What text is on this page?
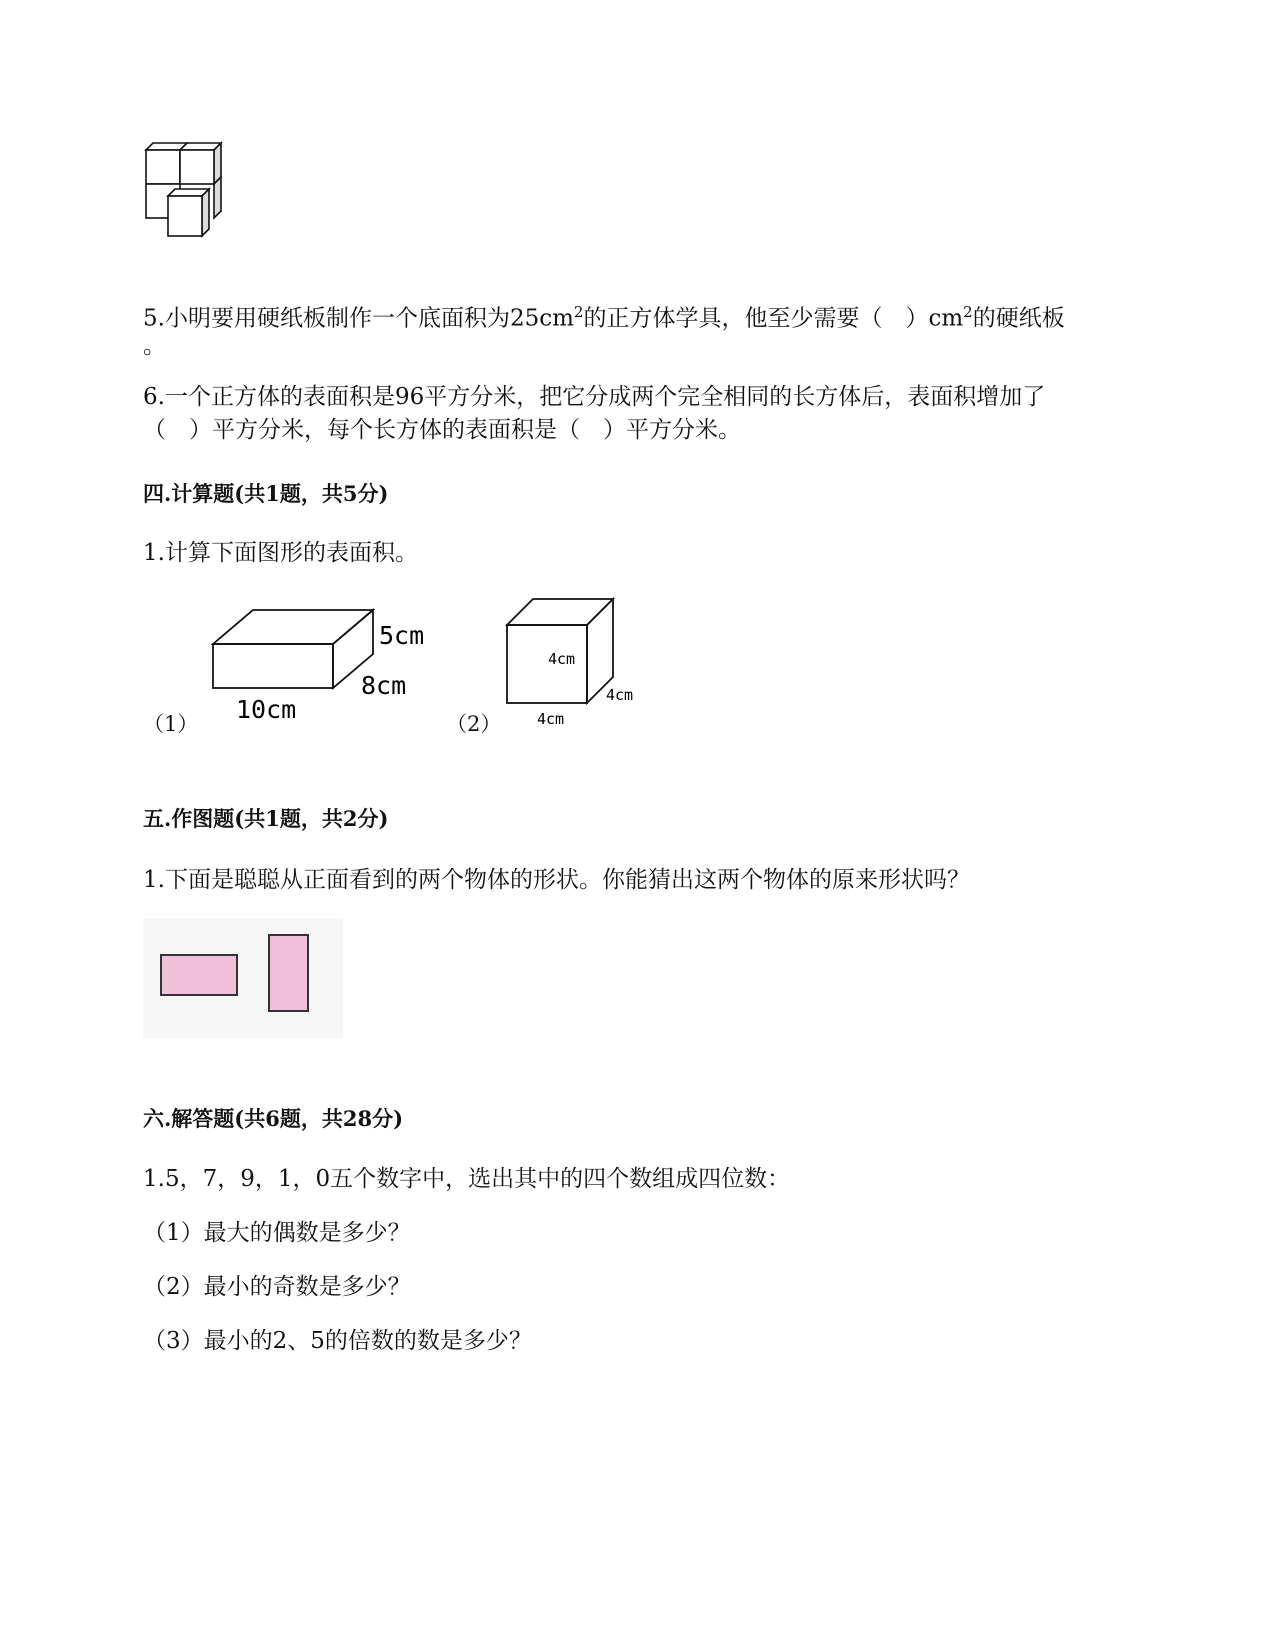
5.小明要用硬纸板制作一个底面积为$25cm^2$的正方体学具，他至少需要（　）$cm^2$的硬纸板
。
6.一个正方体的表面积是96平方分米，把它分成两个完全相同的长方体后，表面积增加了
（　）平方分米，每个长方体的表面积是（　）平方分米。
四.计算题(共1题，共5分)
1.计算下面图形的表面积。
5cm
8cm
10cm
（1）
4cm
4cm
4cm
（2）
五.作图题(共1题，共2分)
1.下面是聪聪从正面看到的两个物体的形状。你能猜出这两个物体的原来形状吗？
六.解答题(共6题，共28分)
1.5，7，9，1，0五个数字中，选出其中的四个数组成四位数：
（1）最大的偶数是多少？
（2）最小的奇数是多少？
（3）最小的2、5的倍数的数是多少？
